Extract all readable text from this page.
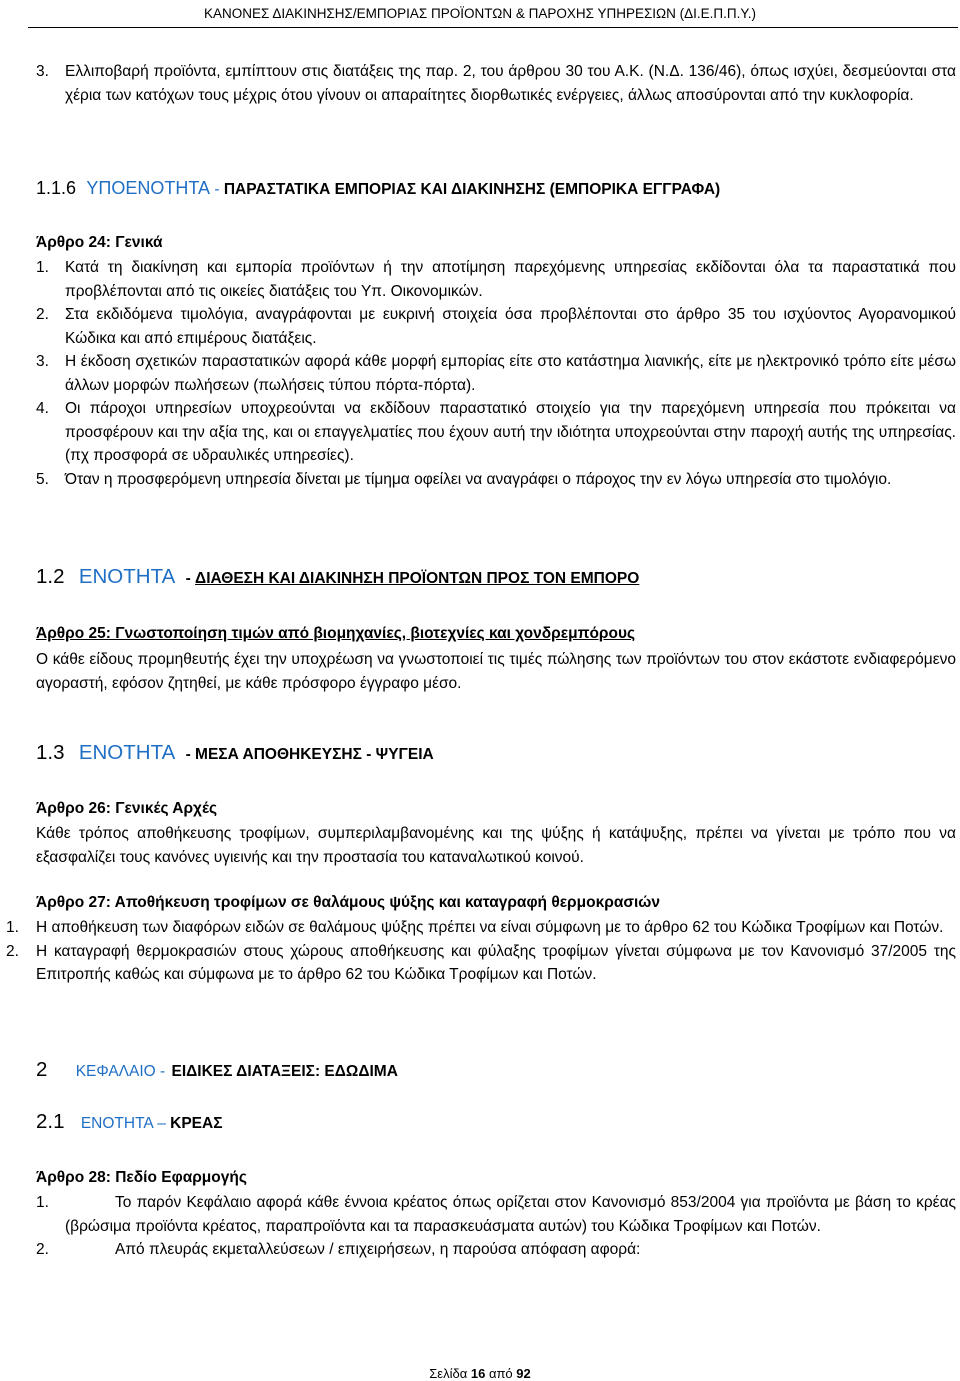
ΚΑΝΟΝΕΣ ΔΙΑΚΙΝΗΣΗΣ/ΕΜΠΟΡΙΑΣ ΠΡΟΪΟΝΤΩΝ & ΠΑΡΟΧΗΣ ΥΠΗΡΕΣΙΩΝ (ΔΙ.Ε.Π.Π.Υ.)
3. Ελλιποβαρή προϊόντα, εμπίπτουν στις διατάξεις της παρ. 2, του άρθρου 30 του Α.Κ. (Ν.Δ. 136/46), όπως ισχύει, δεσμεύονται στα χέρια των κατόχων τους μέχρις ότου γίνουν οι απαραίτητες διορθωτικές ενέργειες, άλλως αποσύρονται από την κυκλοφορία.
1.1.6 ΥΠΟΕΝΟΤΗΤΑ - ΠΑΡΑΣΤΑΤΙΚΑ ΕΜΠΟΡΙΑΣ ΚΑΙ ΔΙΑΚΙΝΗΣΗΣ (ΕΜΠΟΡΙΚΑ ΕΓΓΡΑΦΑ)
Άρθρο 24: Γενικά
1. Κατά τη διακίνηση και εμπορία προϊόντων ή την αποτίμηση παρεχόμενης υπηρεσίας εκδίδονται όλα τα παραστατικά που προβλέπονται από τις οικείες διατάξεις του Υπ. Οικονομικών.
2. Στα εκδιδόμενα τιμολόγια, αναγράφονται με ευκρινή στοιχεία όσα προβλέπονται στο άρθρο 35 του ισχύοντος Αγορανομικού Κώδικα και από επιμέρους διατάξεις.
3. Η έκδοση σχετικών παραστατικών αφορά κάθε μορφή εμπορίας είτε στο κατάστημα λιανικής, είτε με ηλεκτρονικό τρόπο είτε μέσω άλλων μορφών πωλήσεων (πωλήσεις τύπου πόρτα-πόρτα).
4. Οι πάροχοι υπηρεσίων υποχρεούνται να εκδίδουν παραστατικό στοιχείο για την παρεχόμενη υπηρεσία που πρόκειται να προσφέρουν και την αξία της, και οι επαγγελματίες που έχουν αυτή την ιδιότητα υποχρεούνται στην παροχή αυτής της υπηρεσίας. (πχ προσφορά σε υδραυλικές υπηρεσίες).
5. Όταν η προσφερόμενη υπηρεσία δίνεται με τίμημα οφείλει να αναγράφει ο πάροχος την εν λόγω υπηρεσία στο τιμολόγιο.
1.2 ΕΝΟΤΗΤΑ - ΔΙΑΘΕΣΗ ΚΑΙ ΔΙΑΚΙΝΗΣΗ ΠΡΟΪΟΝΤΩΝ ΠΡΟΣ ΤΟΝ ΕΜΠΟΡΟ
Άρθρο 25: Γνωστοποίηση τιμών από βιομηχανίες, βιοτεχνίες και χονδρεμπόρους
Ο κάθε είδους προμηθευτής έχει την υποχρέωση να γνωστοποιεί τις τιμές πώλησης των προϊόντων του στον εκάστοτε ενδιαφερόμενο αγοραστή, εφόσον ζητηθεί, με κάθε πρόσφορο έγγραφο μέσο.
1.3 ΕΝΟΤΗΤΑ - ΜΕΣΑ ΑΠΟΘΗΚΕΥΣΗΣ - ΨΥΓΕΙΑ
Άρθρο 26: Γενικές Αρχές
Κάθε τρόπος αποθήκευσης τροφίμων, συμπεριλαμβανομένης και της ψύξης ή κατάψυξης, πρέπει να γίνεται με τρόπο που να εξασφαλίζει τους κανόνες υγιεινής και την προστασία του καταναλωτικού κοινού.
Άρθρο 27: Αποθήκευση τροφίμων σε θαλάμους ψύξης και καταγραφή θερμοκρασιών
1. Η αποθήκευση των διαφόρων ειδών σε θαλάμους ψύξης πρέπει να είναι σύμφωνη με το άρθρο 62 του Κώδικα Τροφίμων και Ποτών.
2. Η καταγραφή θερμοκρασιών στους χώρους αποθήκευσης και φύλαξης τροφίμων γίνεται σύμφωνα με τον Κανονισμό 37/2005 της Επιτροπής καθώς και σύμφωνα με το άρθρο 62 του Κώδικα Τροφίμων και Ποτών.
2 ΚΕΦΑΛΑΙΟ - ΕΙΔΙΚΕΣ ΔΙΑΤΑΞΕΙΣ: ΕΔΩΔΙΜΑ
2.1 ΕΝΟΤΗΤΑ – ΚΡΕΑΣ
Άρθρο 28: Πεδίο Εφαρμογής
1.	Το παρόν Κεφάλαιο αφορά κάθε έννοια κρέατος όπως ορίζεται στον Κανονισμό 853/2004 για προϊόντα με βάση το κρέας (βρώσιμα προϊόντα κρέατος, παραπροϊόντα και τα παρασκευάσματα αυτών) του Κώδικα Τροφίμων και Ποτών.
2.	Από πλευράς εκμεταλλεύσεων / επιχειρήσεων, η παρούσα απόφαση αφορά:
Σελίδα 16 από 92
